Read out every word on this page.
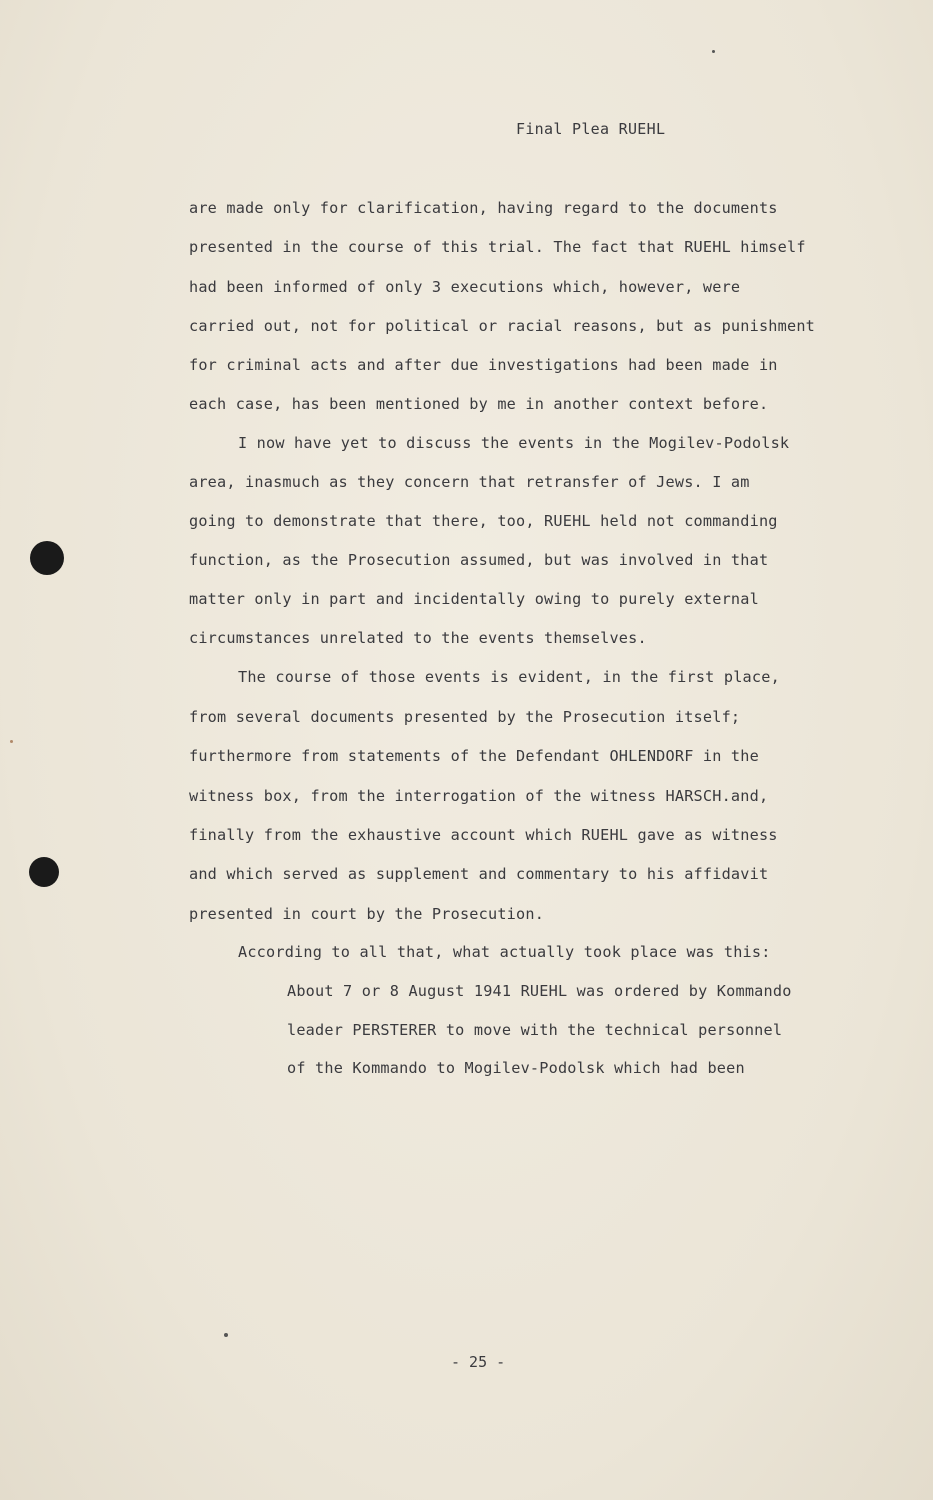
Final Plea RUEHL
are made only for clarification, having regard to the documents
presented in the course of this trial. The fact that RUEHL himself
had been informed of only 3 executions which, however, were
carried out, not for political or racial reasons, but as punishment
for criminal acts and after due investigations had been made in
each case, has been mentioned by me in another context before.
I now have yet to discuss the events in the Mogilev-Podolsk
area, inasmuch as they concern that retransfer of Jews. I am
going to demonstrate that there, too, RUEHL held not commanding
function, as the Prosecution assumed, but was involved in that
matter only in part and incidentally owing to purely external
circumstances unrelated to the events themselves.
The course of those events is evident, in the first place,
from several documents presented by the Prosecution itself;
furthermore from statements of the Defendant OHLENDORF in the
witness box, from the interrogation of the witness HARSCH.and,
finally from the exhaustive account which RUEHL gave as witness
and which served as supplement and commentary to his affidavit
presented in court by the Prosecution.
According to all that, what actually took place was this:
About 7 or 8 August 1941 RUEHL was ordered by Kommando
leader PERSTERER to move with the technical personnel
of the Kommando to Mogilev-Podolsk which had been
- 25 -
